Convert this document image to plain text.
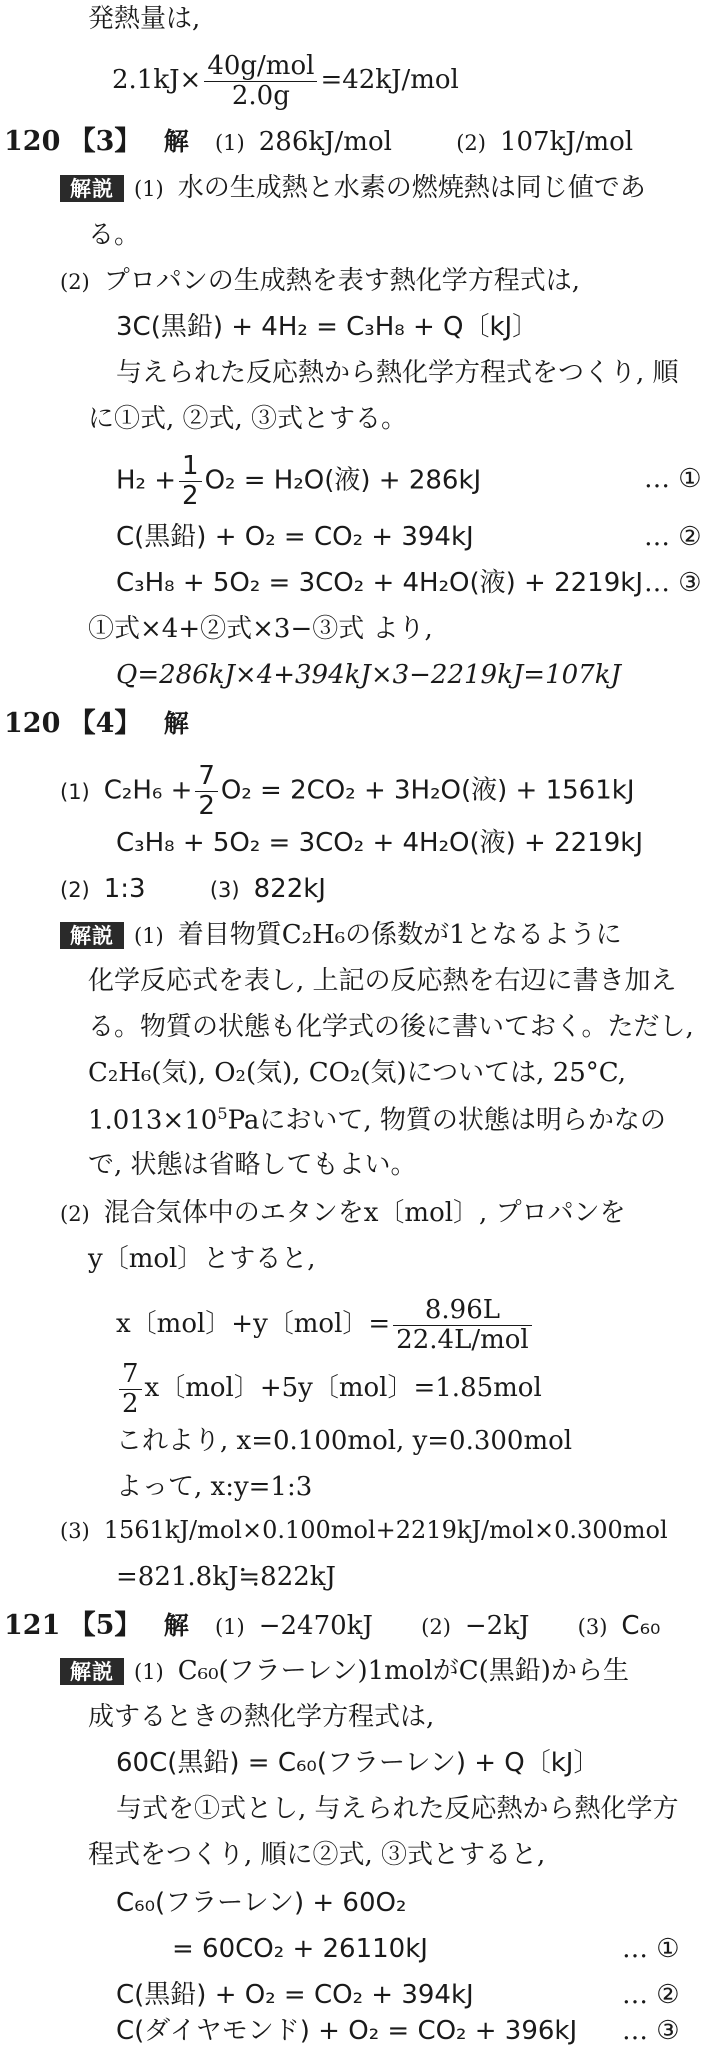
発熱量は,
$2.1kJ\times \frac{\text{40g/mol}}{2.0g} =42kJ/mol$
120 【3】 解 (1) 286kJ/mol	(2) 107kJ/mol
解説 (1) 水の生成熱と水素の燃焼熱は同じ値であ
る。
(2) プロパンの生成熱を表す熱化学方程式は,
3C(黒鉛) + 4H₂ = C₃H₈ + Q〔kJ〕
与えられた反応熱から熱化学方程式をつくり, 順
に①式, ②式, ③式とする。
$H_2 + \frac{1}{2} O_2 = H_2O$(液) + 286kJ	… ①
C(黒鉛) + O₂ = CO₂ + 394kJ	… ②
C₃H₈ + 5O₂ = 3CO₂ + 4H₂O(液) + 2219kJ … ③
①式×4+②式×3−③式 より,
Q=286kJ×4+394kJ×3−2219kJ=107kJ
120 【4】 解
(1) $C_2H_6 + \frac{7}{2} O_2 = 2CO_2 + 3H_2O$(液) + 1561kJ
C₃H₈ + 5O₂ = 3CO₂ + 4H₂O(液) + 2219kJ
(2) 1:3	(3) 822kJ
解説 (1) 着目物質C₂H₆の係数が1となるように
化学反応式を表し, 上記の反応熱を右辺に書き加え
る。物質の状態も化学式の後に書いておく。ただし,
C₂H₆(気), O₂(気), CO₂(気)については, 25°C,
$1.013\times 10^5Pa$において, 物質の状態は明らかなの
で, 状態は省略してもよい。
(2) 混合気体中のエタンをx〔mol〕, プロパンを
y〔mol〕とすると,
x〔mol〕+y〔mol〕= $\frac{8.96L}{\text{22.4L/mol}}$
$\frac{7}{2}$ x〔mol〕+5y〔mol〕=1.85mol
これより, x=0.100mol, y=0.300mol
よって, x:y=1:3
(3) 1561kJ/mol×0.100mol+2219kJ/mol×0.300mol
=821.8kJ≒822kJ
121 【5】 解 (1) −2470kJ (2) −2kJ (3) C₆₀
解説 (1) C₆₀(フラーレン)1molがC(黒鉛)から生
成するときの熱化学方程式は,
60C(黒鉛) = C₆₀(フラーレン) + Q〔kJ〕
与式を①式とし, 与えられた反応熱から熱化学方
程式をつくり, 順に②式, ③式とすると,
C₆₀(フラーレン) + 60O₂
= 60CO₂ + 26110kJ	… ①
C(黒鉛) + O₂ = CO₂ + 394kJ	… ②
C(ダイヤモンド) + O₂ = CO₂ + 396kJ … ③
